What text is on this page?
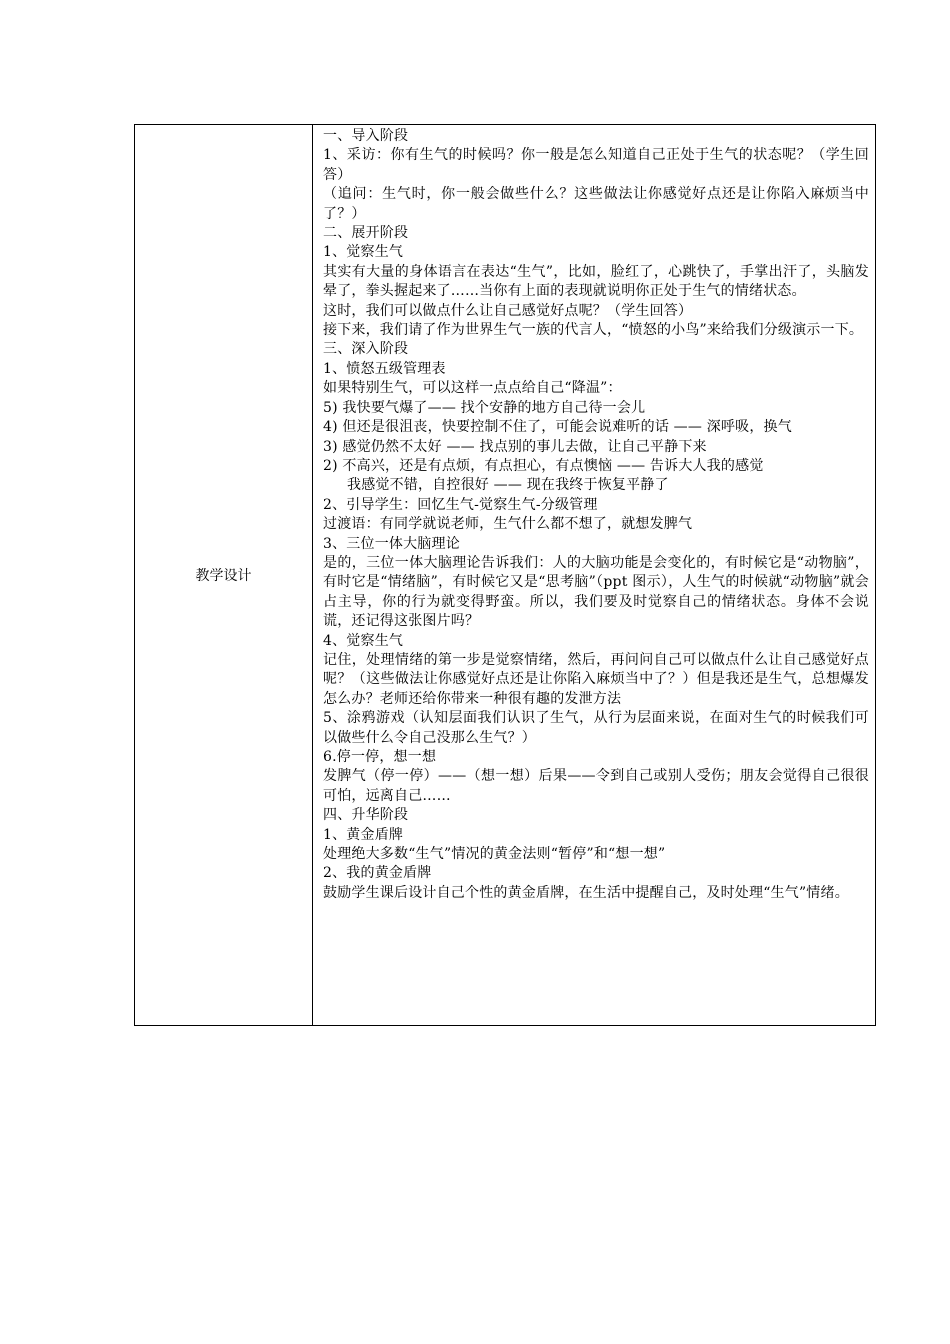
教学设计

一、导入阶段

1、采访：你有生气的时候吗？你一般是怎么知道自己正处于生气的状态呢？（学生回答）

（追问：生气时，你一般会做些什么？这些做法让你感觉好点还是让你陷入麻烦当中了？）

二、展开阶段

1、觉察生气

其实有大量的身体语言在表达“生气”，比如，脸红了，心跳快了，手掌出汗了，头脑发晕了，拳头握起来了……当你有上面的表现就说明你正处于生气的情绪状态。

这时，我们可以做点什么让自己感觉好点呢？（学生回答）

接下来，我们请了作为世界生气一族的代言人，“愤怒的小鸟”来给我们分级演示一下。

三、深入阶段

1、愤怒五级管理表

如果特别生气，可以这样一点点给自己“降温”：

5) 我快要气爆了—— 找个安静的地方自己待一会儿

4) 但还是很沮丧，快要控制不住了，可能会说难听的话 —— 深呼吸，换气

3) 感觉仍然不太好 —— 找点别的事儿去做，让自己平静下来

2) 不高兴，还是有点烦，有点担心，有点懊恼 —— 告诉大人我的感觉

我感觉不错，自控很好 —— 现在我终于恢复平静了

2、引导学生：回忆生气-觉察生气-分级管理

过渡语：有同学就说老师，生气什么都不想了，就想发脾气

3、三位一体大脑理论

是的，三位一体大脑理论告诉我们：人的大脑功能是会变化的，有时候它是“动物脑”，有时它是“情绪脑”，有时候它又是“思考脑”（ppt 图示），人生气的时候就“动物脑”就会占主导，你的行为就变得野蛮。所以，我们要及时觉察自己的情绪状态。身体不会说谎，还记得这张图片吗？

4、觉察生气

记住，处理情绪的第一步是觉察情绪，然后，再问问自己可以做点什么让自己感觉好点呢？（这些做法让你感觉好点还是让你陷入麻烦当中了？）但是我还是生气，总想爆发怎么办？老师还给你带来一种很有趣的发泄方法

5、涂鸦游戏（认知层面我们认识了生气，从行为层面来说，在面对生气的时候我们可以做些什么令自己没那么生气？）

6.停一停，想一想

发脾气（停一停）——（想一想）后果——令到自己或别人受伤；朋友会觉得自己很很可怕，远离自己……

四、升华阶段

1、黄金盾牌

处理绝大多数“生气”情况的黄金法则“暂停”和“想一想”

2、我的黄金盾牌

鼓励学生课后设计自己个性的黄金盾牌，在生活中提醒自己，及时处理“生气”情绪。
